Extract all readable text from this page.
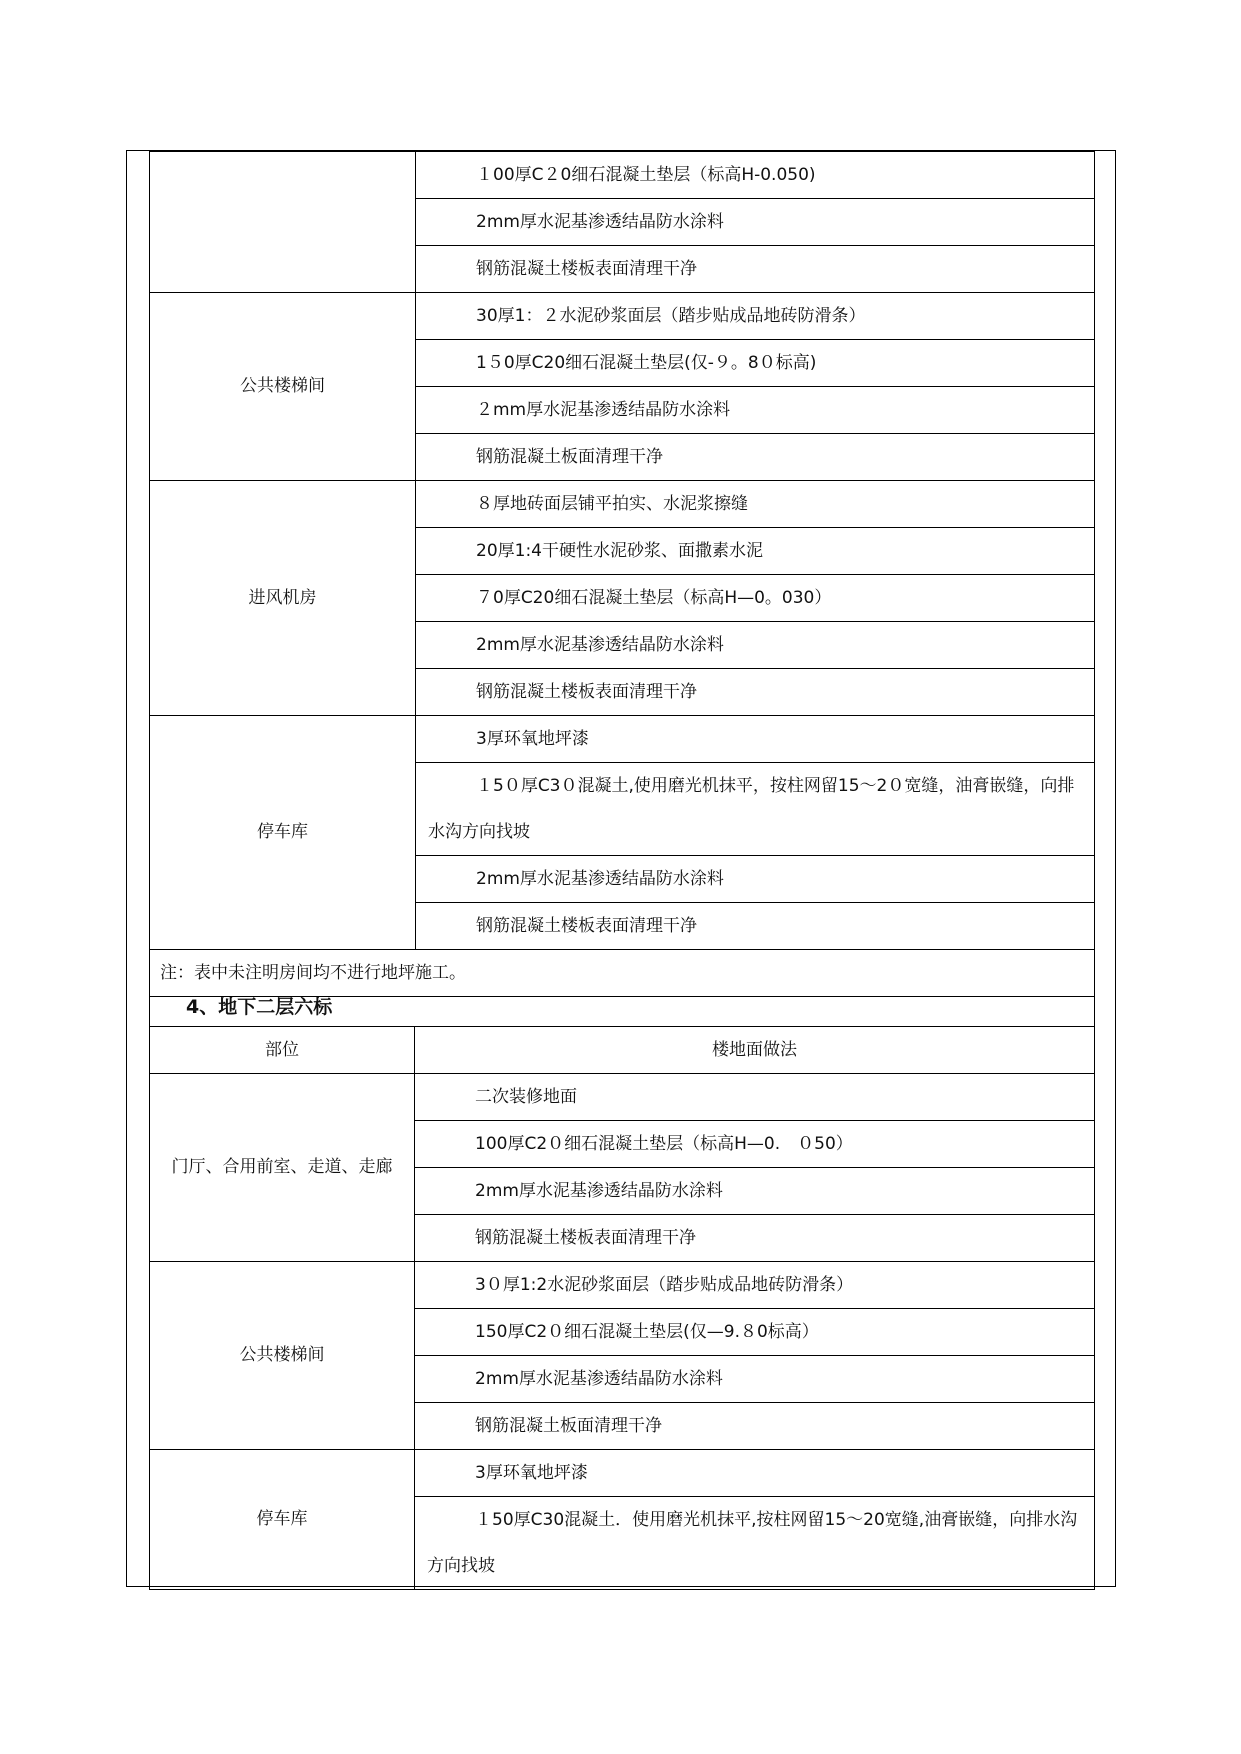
	１00厚C２0细石混凝土垫层（标高H-0.050)
	2mm厚水泥基渗透结晶防水涂料
	钢筋混凝土楼板表面清理干净
公共楼梯间	30厚1：２水泥砂浆面层（踏步贴成品地砖防滑条）
	1５0厚C20细石混凝土垫层(仅-９。8０标高)
	２mm厚水泥基渗透结晶防水涂料
	钢筋混凝土板面清理干净
进风机房	８厚地砖面层铺平拍实、水泥浆擦缝
	20厚1:4干硬性水泥砂浆、面撒素水泥
	７0厚C20细石混凝土垫层（标高H—0。030）
	2mm厚水泥基渗透结晶防水涂料
	钢筋混凝土楼板表面清理干净
停车库	3厚环氧地坪漆
	１5０厚C3０混凝土,使用磨光机抹平，按柱网留15～2０宽缝，油膏嵌缝，向排水沟方向找坡
	2mm厚水泥基渗透结晶防水涂料
	钢筋混凝土楼板表面清理干净
注：表中未注明房间均不进行地坪施工。	
4、地下二层六标
部位	楼地面做法
门厅、合用前室、走道、走廊	二次装修地面
	100厚C2０细石混凝土垫层（标高H—0.　０50）
	2mm厚水泥基渗透结晶防水涂料
	钢筋混凝土楼板表面清理干净
公共楼梯间	3０厚1:2水泥砂浆面层（踏步贴成品地砖防滑条）
	150厚C2０细石混凝土垫层(仅—9.８0标高）
	2mm厚水泥基渗透结晶防水涂料
	钢筋混凝土板面清理干净
停车库	3厚环氧地坪漆
	１50厚C30混凝土．使用磨光机抹平,按柱网留15～20宽缝,油膏嵌缝，向排水沟方向找坡
